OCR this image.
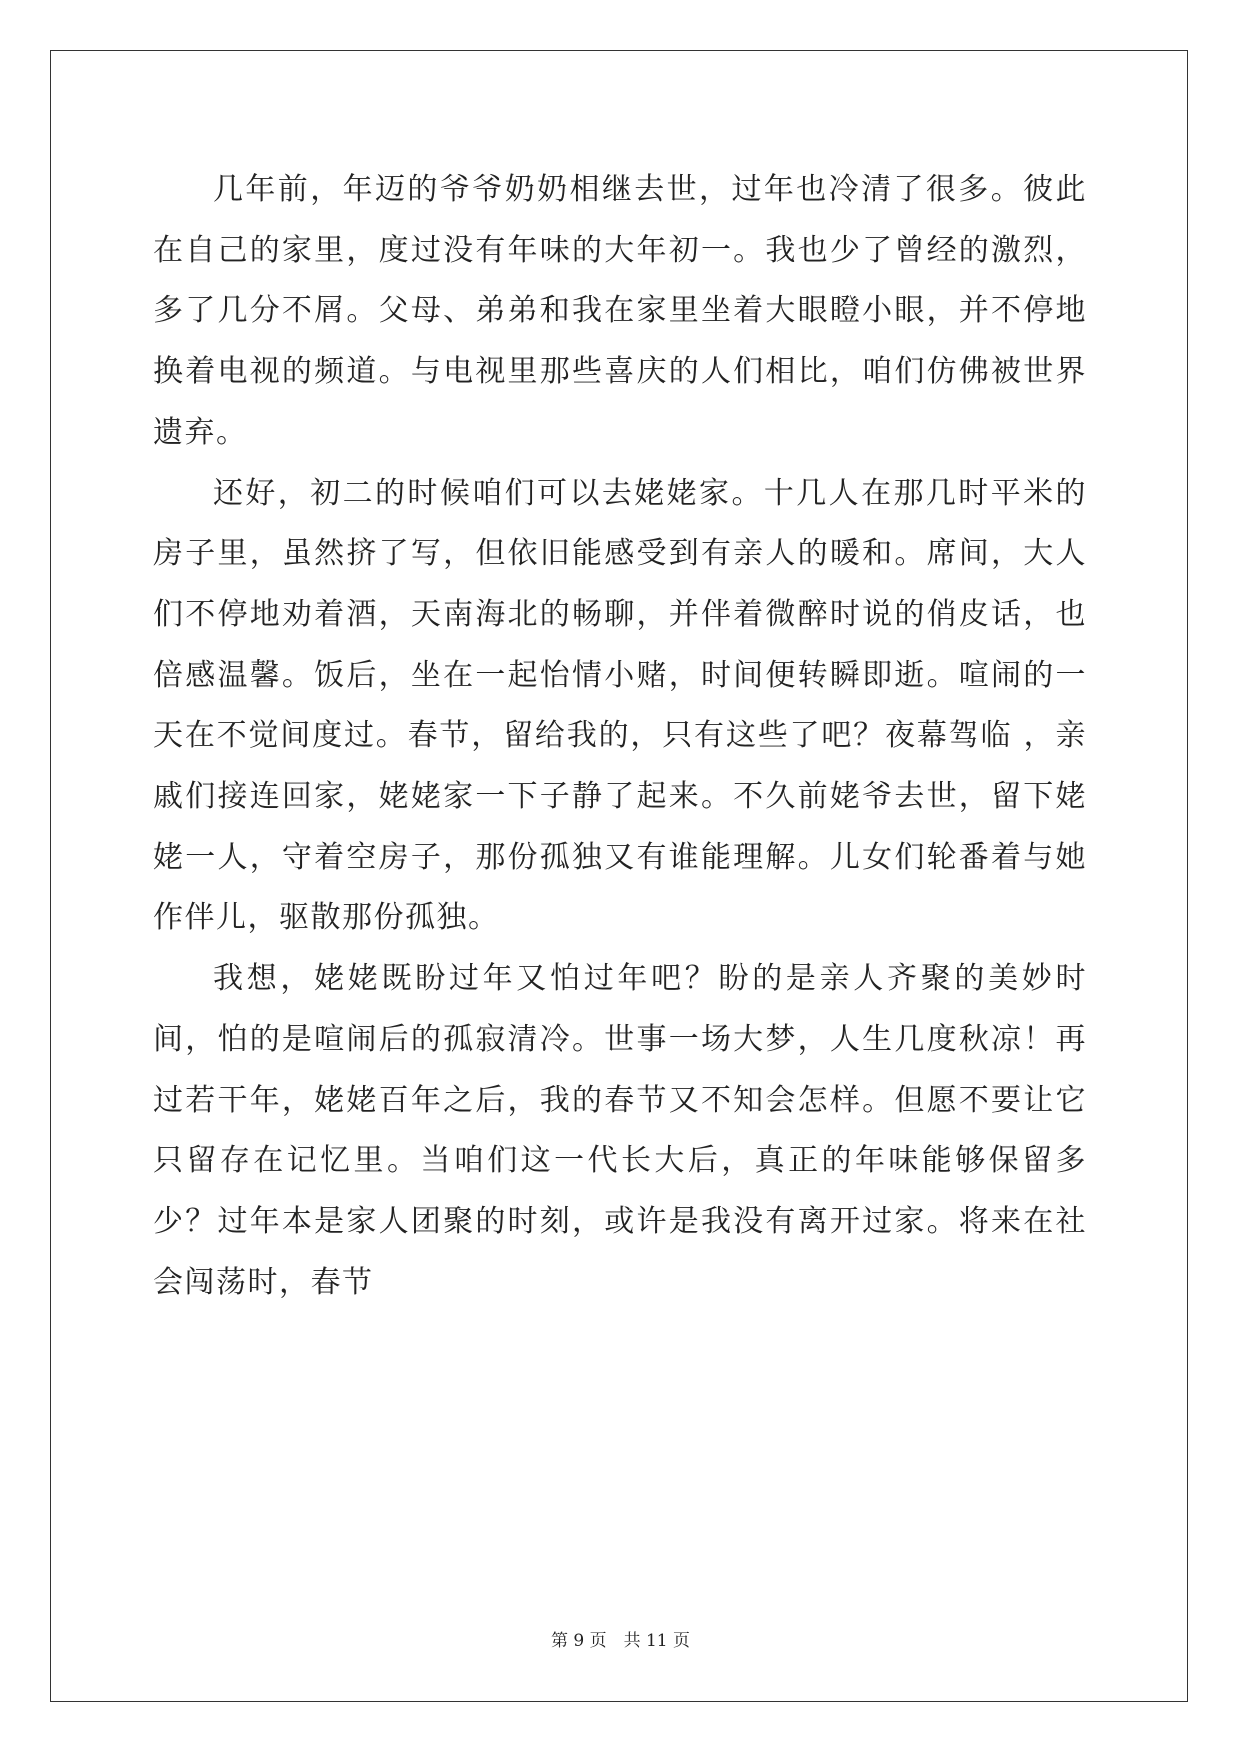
几年前，年迈的爷爷奶奶相继去世，过年也冷清了很多。彼此在自己的家里，度过没有年味的大年初一。我也少了曾经的激烈，多了几分不屑。父母、弟弟和我在家里坐着大眼瞪小眼，并不停地换着电视的频道。与电视里那些喜庆的人们相比，咱们仿佛被世界遗弃。

还好，初二的时候咱们可以去姥姥家。十几人在那几时平米的房子里，虽然挤了写，但依旧能感受到有亲人的暖和。席间，大人们不停地劝着酒，天南海北的畅聊，并伴着微醉时说的俏皮话，也倍感温馨。饭后，坐在一起怡情小赌，时间便转瞬即逝。喧闹的一天在不觉间度过。春节，留给我的，只有这些了吧？夜幕驾临 ，亲戚们接连回家，姥姥家一下子静了起来。不久前姥爷去世，留下姥姥一人，守着空房子，那份孤独又有谁能理解。儿女们轮番着与她作伴儿，驱散那份孤独。

我想，姥姥既盼过年又怕过年吧？盼的是亲人齐聚的美妙时间，怕的是喧闹后的孤寂清冷。世事一场大梦，人生几度秋凉！再过若干年，姥姥百年之后，我的春节又不知会怎样。但愿不要让它只留存在记忆里。当咱们这一代长大后，真正的年味能够保留多少？过年本是家人团聚的时刻，或许是我没有离开过家。将来在社会闯荡时，春节

第 9 页　共 11 页
